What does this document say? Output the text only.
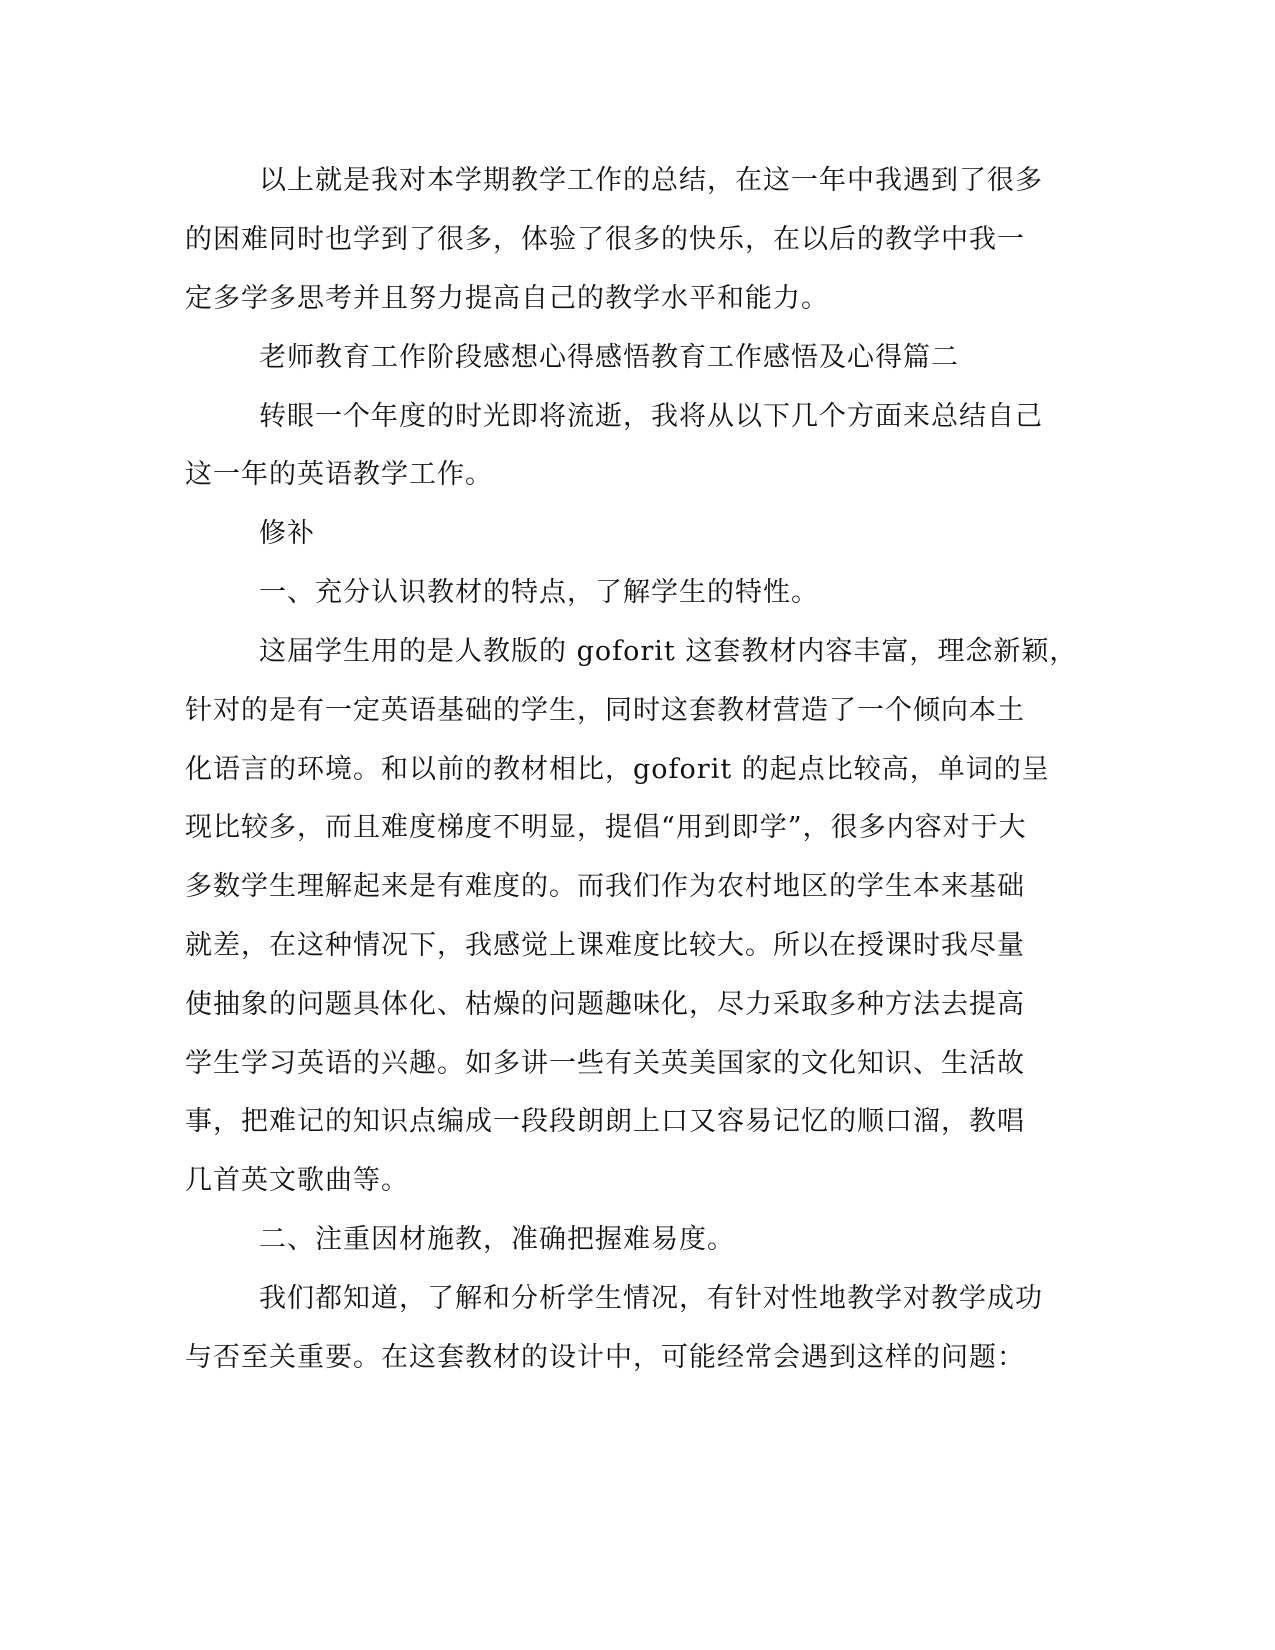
以上就是我对本学期教学工作的总结，在这一年中我遇到了很多
的困难同时也学到了很多，体验了很多的快乐，在以后的教学中我一
定多学多思考并且努力提高自己的教学水平和能力。
老师教育工作阶段感想心得感悟教育工作感悟及心得篇二
转眼一个年度的时光即将流逝，我将从以下几个方面来总结自己
这一年的英语教学工作。
修补
一、充分认识教材的特点，了解学生的特性。
这届学生用的是人教版的 goforit 这套教材内容丰富，理念新颖，
针对的是有一定英语基础的学生，同时这套教材营造了一个倾向本土
化语言的环境。和以前的教材相比，goforit 的起点比较高，单词的呈
现比较多，而且难度梯度不明显，提倡“用到即学”，很多内容对于大
多数学生理解起来是有难度的。而我们作为农村地区的学生本来基础
就差，在这种情况下，我感觉上课难度比较大。所以在授课时我尽量
使抽象的问题具体化、枯燥的问题趣味化，尽力采取多种方法去提高
学生学习英语的兴趣。如多讲一些有关英美国家的文化知识、生活故
事，把难记的知识点编成一段段朗朗上口又容易记忆的顺口溜，教唱
几首英文歌曲等。
二、注重因材施教，准确把握难易度。
我们都知道，了解和分析学生情况，有针对性地教学对教学成功
与否至关重要。在这套教材的设计中，可能经常会遇到这样的问题：
